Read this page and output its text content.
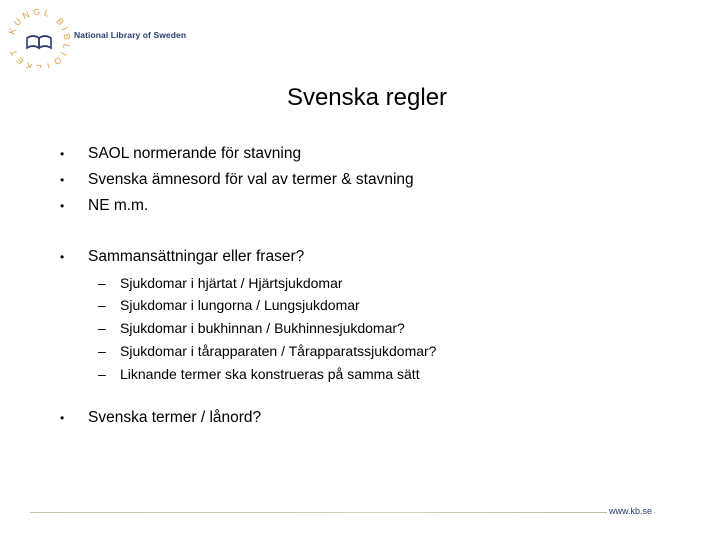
KUNGL BIBLIOTEKET
National Library of Sweden
Svenska regler
•	SAOL normerande för stavning
•	Svenska ämnesord för val av termer & stavning
•	NE m.m.
•	Sammansättningar eller fraser?
–	Sjukdomar i hjärtat / Hjärtsjukdomar
–	Sjukdomar i lungorna / Lungsjukdomar
–	Sjukdomar i bukhinnan / Bukhinnesjukdomar?
–	Sjukdomar i tårapparaten / Tårapparatssjukdomar?
–	Liknande termer ska konstrueras på samma sätt
•	Svenska termer / lånord?
www.kb.se
